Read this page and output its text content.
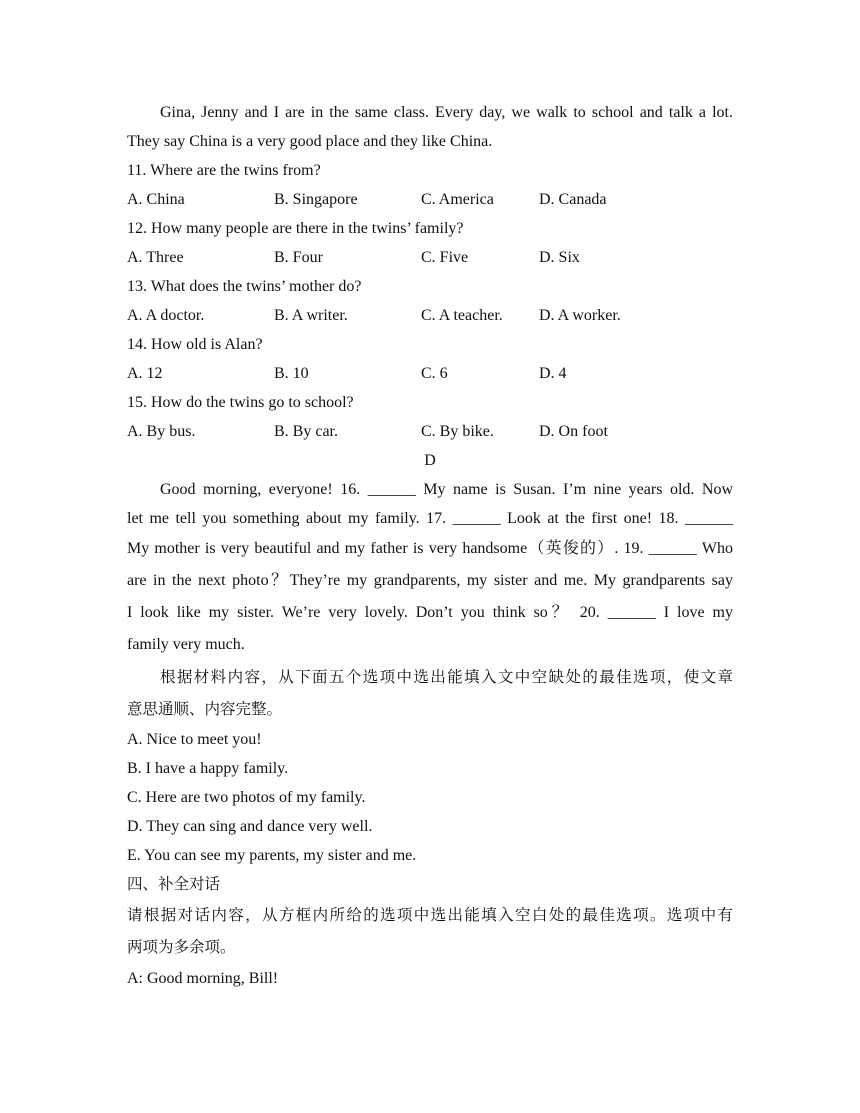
Gina, Jenny and I are in the same class. Every day, we walk to school and talk a lot.
They say China is a very good place and they like China.
11. Where are the twins from?
A. China	B. Singapore	C. America	D. Canada
12. How many people are there in the twins’ family?
A. Three	B. Four	C. Five	D. Six
13. What does the twins’ mother do?
A. A doctor.	B. A writer.	C. A teacher. D. A worker.
14. How old is Alan?
A. 12	B. 10	C. 6	D. 4
15. How do the twins go to school?
A. By bus.	B. By car.	C. By bike.	D. On foot
D
Good morning, everyone! 16. ______ My name is Susan. I’m nine years old. Now
let me tell you something about my family. 17. ______ Look at the first one! 18. ______
My mother is very beautiful and my father is very handsome（英俊的）. 19. ______ Who
are in the next photo？They’re my grandparents, my sister and me. My grandparents say
I look like my sister. We’re very lovely. Don’t you think so？ 20. ______ I love my
family very much.
根据材料内容，从下面五个选项中选出能填入文中空缺处的最佳选项，使文章
意思通顺、内容完整。
A. Nice to meet you!
B. I have a happy family.
C. Here are two photos of my family.
D. They can sing and dance very well.
E. You can see my parents, my sister and me.
四、补全对话
请根据对话内容，从方框内所给的选项中选出能填入空白处的最佳选项。选项中有
两项为多余项。
A: Good morning, Bill!
